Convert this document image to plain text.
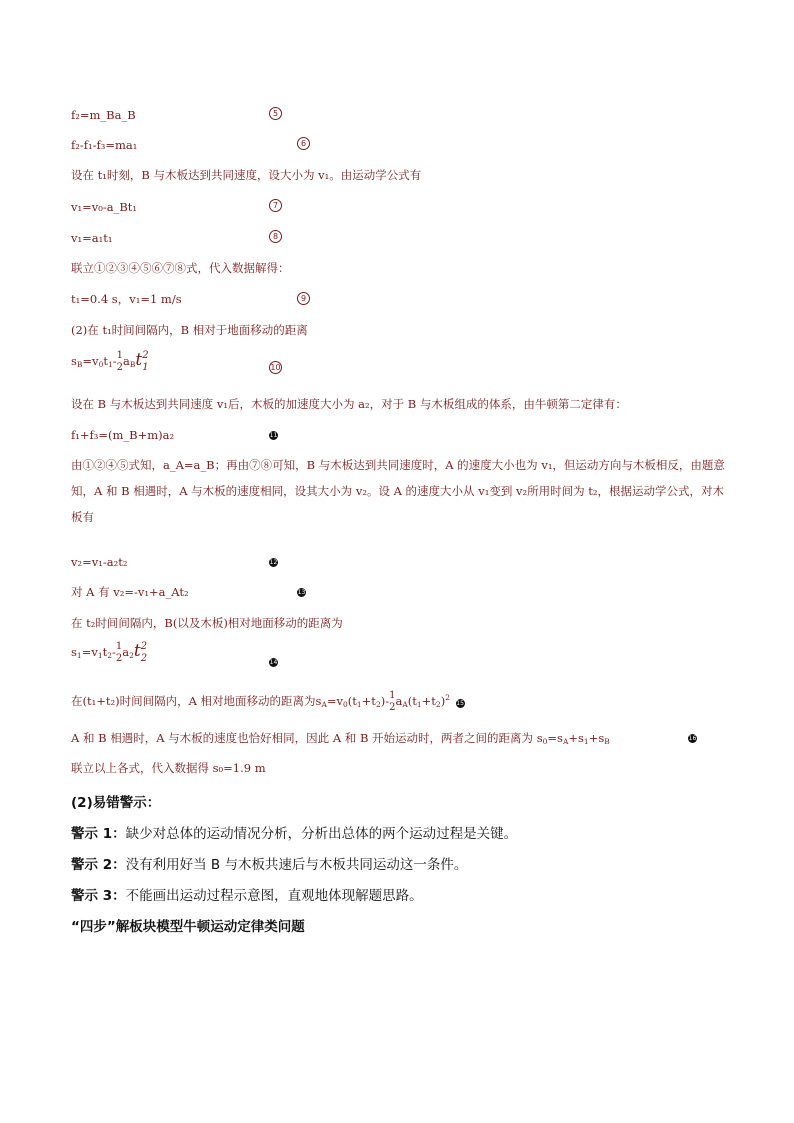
f₂=m_Ba_B	5
f₂-f₁-f₃=ma₁	6
设在 t₁时刻，B 与木板达到共同速度，设大小为 v₁。由运动学公式有
v₁=v₀-a_Bt₁	7
v₁=a₁t₁	8
联立①②③④⑤⑥⑦⑧式，代入数据解得：
t₁=0.4 s，v₁=1 m/s	9
(2)在 t₁时间间隔内，B 相对于地面移动的距离
$s_B=v_0t_1-$ 1
2 $a_Bt$ 2
1	10
设在 B 与木板达到共同速度 v₁后，木板的加速度大小为 a₂，对于 B 与木板组成的体系，由牛顿第二定律有：
f₁+f₃=(m_B+m)a₂	11
由①②④⑤式知，a_A=a_B；再由⑦⑧可知，B 与木板达到共同速度时，A 的速度大小也为 v₁，但运动方向与木板相反，由题意知，A 和 B 相遇时，A 与木板的速度相同，设其大小为 v₂。设 A 的速度大小从 v₁变到 v₂所用时间为 t₂，根据运动学公式，对木板有
v₂=v₁-a₂t₂	12
对 A 有 v₂=-v₁+a_At₂	13
在 t₂时间间隔内，B(以及木板)相对地面移动的距离为
$s_1=v_1t_2-$ 1
2 $a_2t$ 2
2	14
在(t₁+t₂)时间间隔内，A 相对地面移动的距离为$s_A=v_0(t_1+t_2)-$ 1
2 $a_A(t_1+t_2)^2$ 15
A 和 B 相遇时，A 与木板的速度也恰好相同，因此 A 和 B 开始运动时，两者之间的距离为 $s_0=s_A+s_1+s_B$	16
联立以上各式，代入数据得 s₀=1.9 m
(2)易错警示：
警示 1：缺少对总体的运动情况分析，分析出总体的两个运动过程是关键。
警示 2：没有利用好当 B 与木板共速后与木板共同运动这一条件。
警示 3：不能画出运动过程示意图，直观地体现解题思路。
“四步”解板块模型牛顿运动定律类问题
